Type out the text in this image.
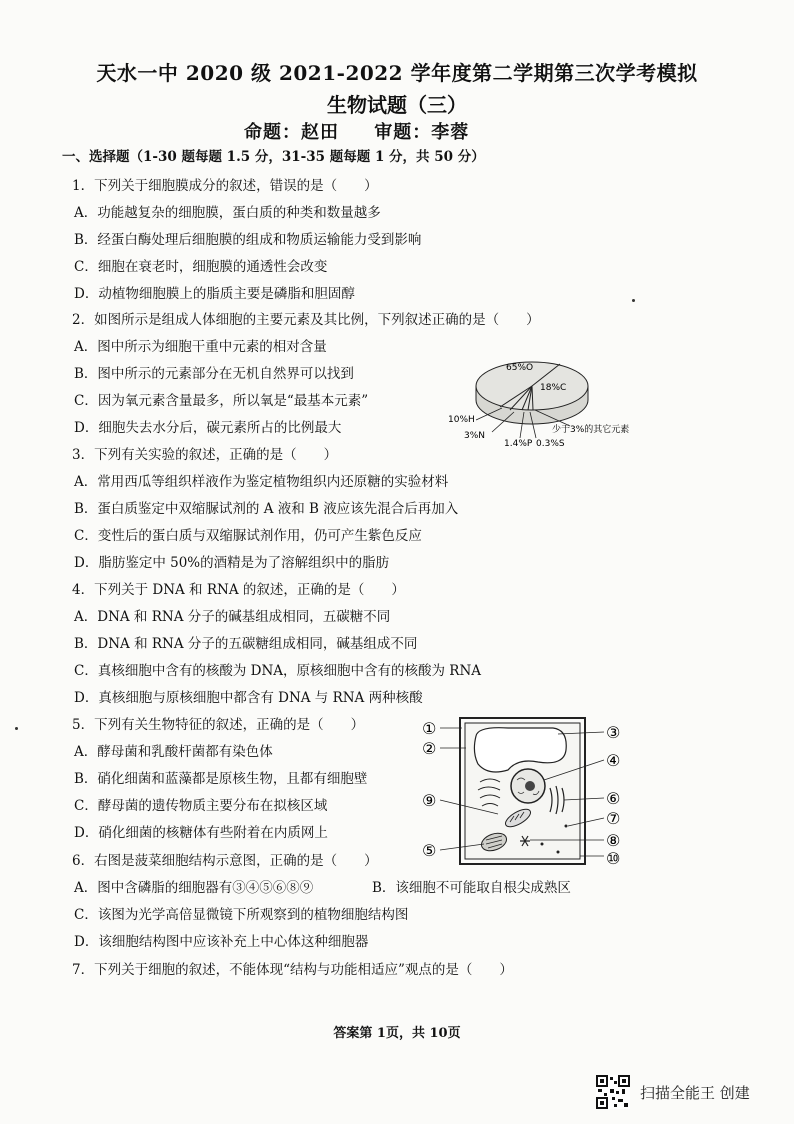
天水一中 2020 级 2021-2022 学年度第二学期第三次学考模拟
生物试题（三）
命题：赵田 审题：李蓉
一、选择题（1-30 题每题 1.5 分，31-35 题每题 1 分，共 50 分）
1．下列关于细胞膜成分的叙述，错误的是（　　）
A．功能越复杂的细胞膜，蛋白质的种类和数量越多
B．经蛋白酶处理后细胞膜的组成和物质运输能力受到影响
C．细胞在衰老时，细胞膜的通透性会改变
D．动植物细胞膜上的脂质主要是磷脂和胆固醇
2．如图所示是组成人体细胞的主要元素及其比例，下列叙述正确的是（　　）
A．图中所示为细胞干重中元素的相对含量
B．图中所示的元素部分在无机自然界可以找到
C．因为氧元素含量最多，所以氧是“最基本元素”
D．细胞失去水分后，碳元素所占的比例最大
65%O
18%C
10%H
3%N
1.4%P 0.3%S
少于3%的其它元素
3．下列有关实验的叙述，正确的是（　　）
A．常用西瓜等组织样液作为鉴定植物组织内还原糖的实验材料
B．蛋白质鉴定中双缩脲试剂的 A 液和 B 液应该先混合后再加入
C．变性后的蛋白质与双缩脲试剂作用，仍可产生紫色反应
D．脂肪鉴定中 50%的酒精是为了溶解组织中的脂肪
4．下列关于 DNA 和 RNA 的叙述，正确的是（　　）
A．DNA 和 RNA 分子的碱基组成相同，五碳糖不同
B．DNA 和 RNA 分子的五碳糖组成相同，碱基组成不同
C．真核细胞中含有的核酸为 DNA，原核细胞中含有的核酸为 RNA
D．真核细胞与原核细胞中都含有 DNA 与 RNA 两种核酸
5．下列有关生物特征的叙述，正确的是（　　）
A．酵母菌和乳酸杆菌都有染色体
B．硝化细菌和蓝藻都是原核生物，且都有细胞壁
C．酵母菌的遗传物质主要分布在拟核区域
D．硝化细菌的核糖体有些附着在内质网上
①
②
⑨
⑤
③
④
⑥
⑦
⑧
⑩
6．右图是菠菜细胞结构示意图，正确的是（　　）
A．图中含磷脂的细胞器有③④⑤⑥⑧⑨	B．该细胞不可能取自根尖成熟区
C．该图为光学高倍显微镜下所观察到的植物细胞结构图
D．该细胞结构图中应该补充上中心体这种细胞器
7．下列关于细胞的叙述，不能体现“结构与功能相适应”观点的是（　　）
答案第 1页，共 10页
扫描全能王 创建
